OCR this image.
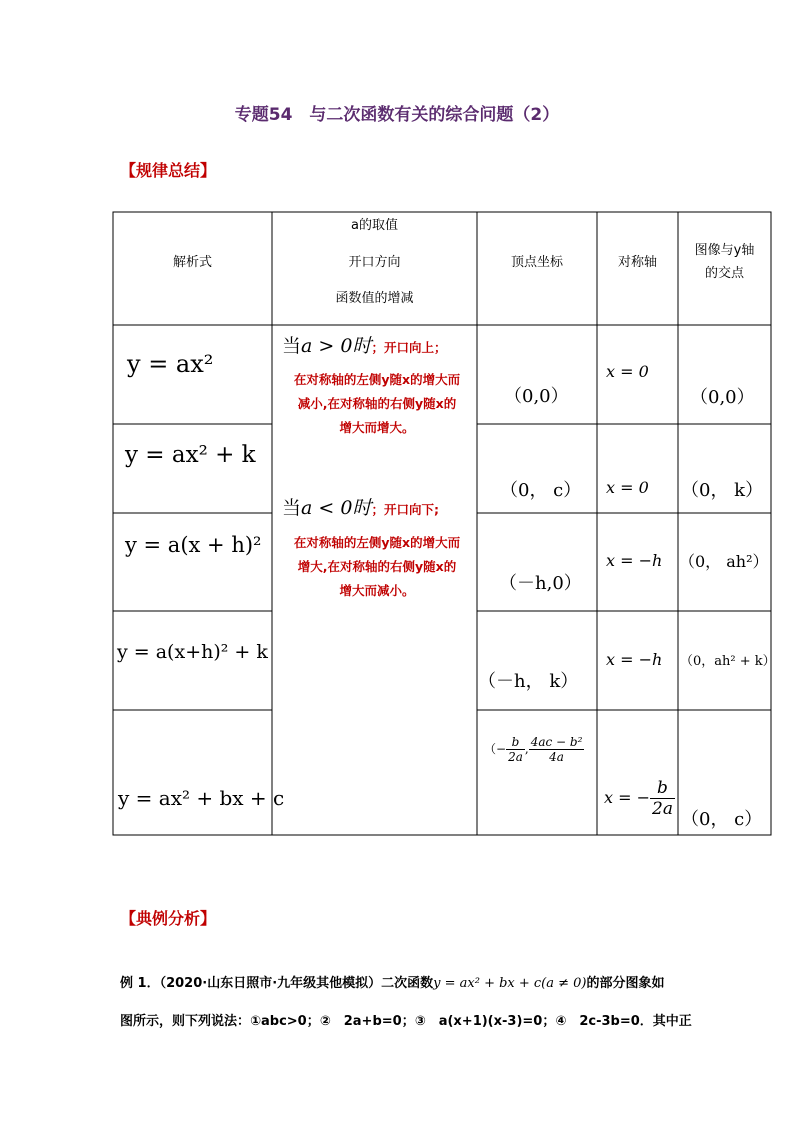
专题54　与二次函数有关的综合问题（2）
【规律总结】
解析式
a的取值
开口方向
函数值的增减
顶点坐标	对称轴
图像与y轴
的交点
y = ax²
y = ax² + k
y = a(x + h)²
y = a(x+h)² + k
y = ax² + bx + c
当a > 0时；开口向上；
在对称轴的左侧y随x的增大而
减小,在对称轴的右侧y随x的
增大而增大。
当a < 0时；开口向下;
在对称轴的左侧y随x的增大而
增大,在对称轴的右侧y随x的
增大而减小。
（0,0）
（0， c）
（－h,0）
（－h， k）
（− $\frac{b}{2a}$ , $\frac{\text{4ac − b²}}{4a}$
x = 0
x = 0
x = −h
x = −h
x = − $\frac{b}{2a}$
（0,0）
（0， k）
（0， ah²）
（0，ah² + k）
（0， c）
【典例分析】
例 1．（2020·山东日照市·九年级其他模拟）二次函数y = ax² + bx + c(a ≠ 0)的部分图象如
图所示，则下列说法：①abc>0；②　2a+b=0；③　a(x+1)(x-3)=0；④　2c-3b=0．其中正
